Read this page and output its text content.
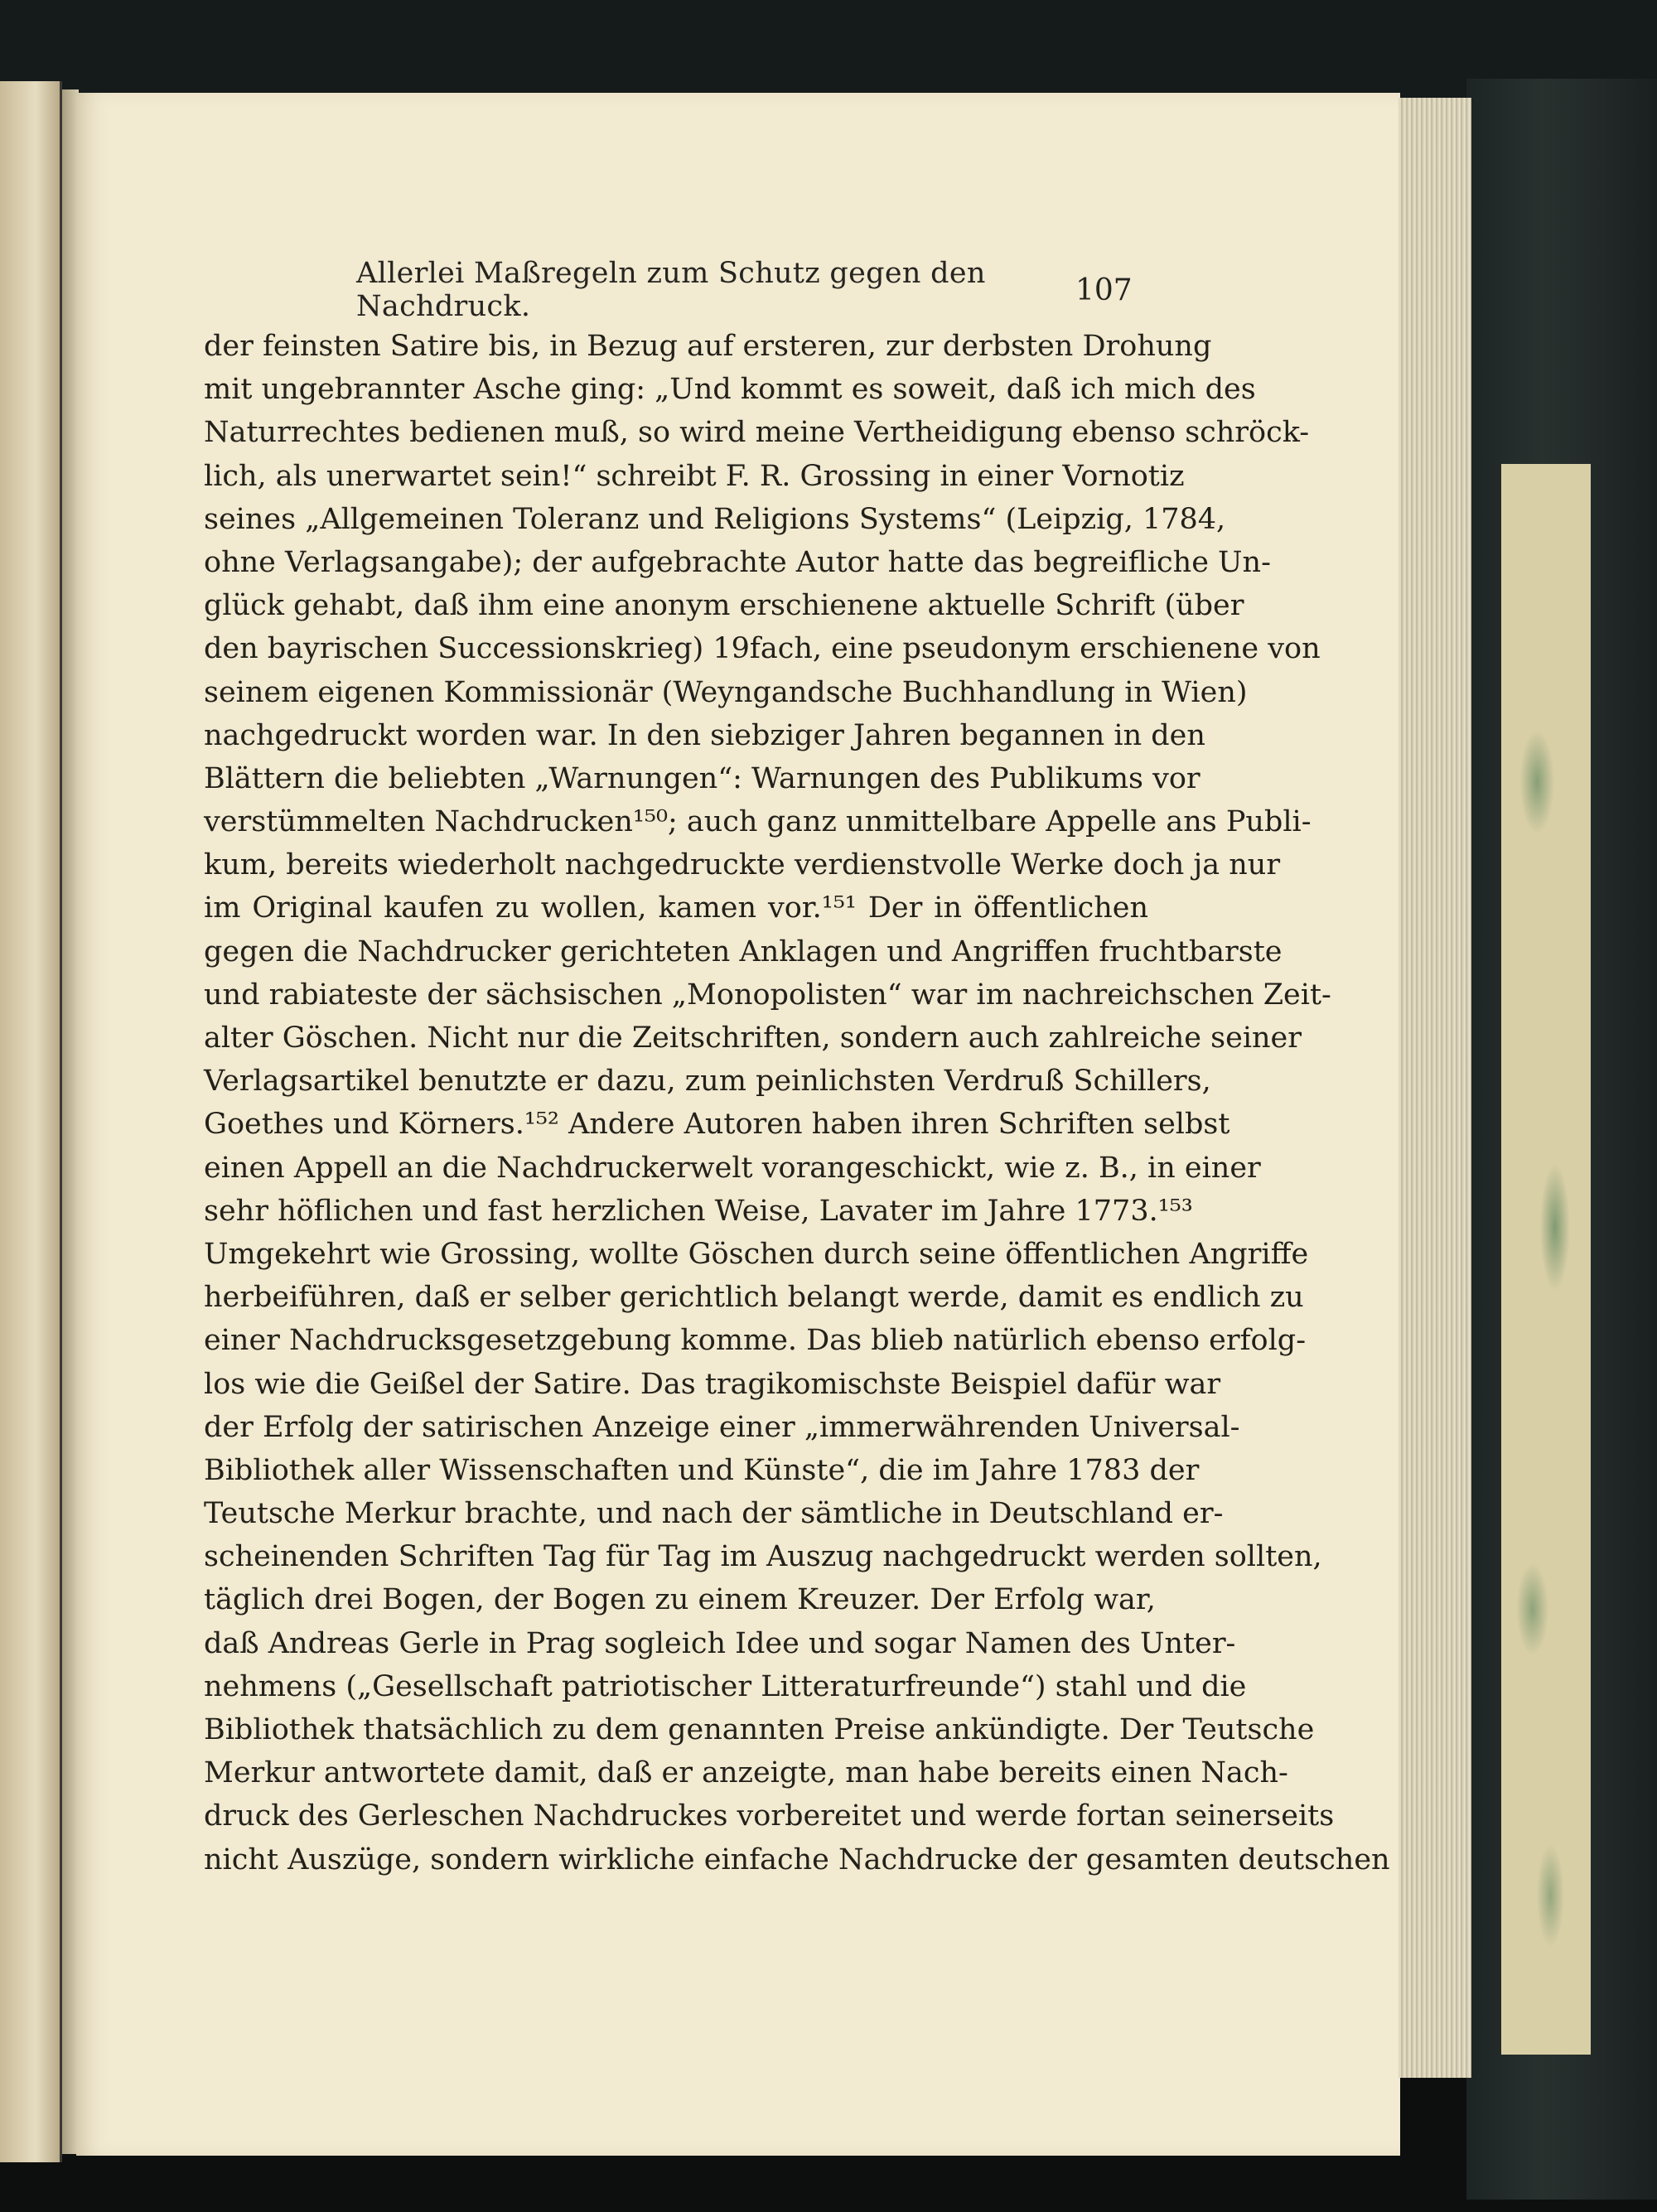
Allerlei Maßregeln zum Schutz gegen den Nachdruck.	107
der feinsten Satire bis, in Bezug auf ersteren, zur derbsten Drohung
mit ungebrannter Asche ging: „Und kommt es soweit, daß ich mich des
Naturrechtes bedienen muß, so wird meine Vertheidigung ebenso schröck-
lich, als unerwartet sein!“ schreibt F. R. Grossing in einer Vornotiz
seines „Allgemeinen Toleranz und Religions Systems“ (Leipzig, 1784,
ohne Verlagsangabe); der aufgebrachte Autor hatte das begreifliche Un-
glück gehabt, daß ihm eine anonym erschienene aktuelle Schrift (über
den bayrischen Successionskrieg) 19fach, eine pseudonym erschienene von
seinem eigenen Kommissionär (Weyngandsche Buchhandlung in Wien)
nachgedruckt worden war. In den siebziger Jahren begannen in den
Blättern die beliebten „Warnungen“: Warnungen des Publikums vor
verstümmelten Nachdrucken¹⁵⁰; auch ganz unmittelbare Appelle ans Publi-
kum, bereits wiederholt nachgedruckte verdienstvolle Werke doch ja nur
im Original kaufen zu wollen, kamen vor.¹⁵¹ Der in öffentlichen
gegen die Nachdrucker gerichteten Anklagen und Angriffen fruchtbarste
und rabiateste der sächsischen „Monopolisten“ war im nachreichschen Zeit-
alter Göschen. Nicht nur die Zeitschriften, sondern auch zahlreiche seiner
Verlagsartikel benutzte er dazu, zum peinlichsten Verdruß Schillers,
Goethes und Körners.¹⁵² Andere Autoren haben ihren Schriften selbst
einen Appell an die Nachdruckerwelt vorangeschickt, wie z. B., in einer
sehr höflichen und fast herzlichen Weise, Lavater im Jahre 1773.¹⁵³
Umgekehrt wie Grossing, wollte Göschen durch seine öffentlichen Angriffe
herbeiführen, daß er selber gerichtlich belangt werde, damit es endlich zu
einer Nachdrucksgesetzgebung komme. Das blieb natürlich ebenso erfolg-
los wie die Geißel der Satire. Das tragikomischste Beispiel dafür war
der Erfolg der satirischen Anzeige einer „immerwährenden Universal-
Bibliothek aller Wissenschaften und Künste“, die im Jahre 1783 der
Teutsche Merkur brachte, und nach der sämtliche in Deutschland er-
scheinenden Schriften Tag für Tag im Auszug nachgedruckt werden sollten,
täglich drei Bogen, der Bogen zu einem Kreuzer. Der Erfolg war,
daß Andreas Gerle in Prag sogleich Idee und sogar Namen des Unter-
nehmens („Gesellschaft patriotischer Litteraturfreunde“) stahl und die
Bibliothek thatsächlich zu dem genannten Preise ankündigte. Der Teutsche
Merkur antwortete damit, daß er anzeigte, man habe bereits einen Nach-
druck des Gerleschen Nachdruckes vorbereitet und werde fortan seinerseits
nicht Auszüge, sondern wirkliche einfache Nachdrucke der gesamten deutschen
